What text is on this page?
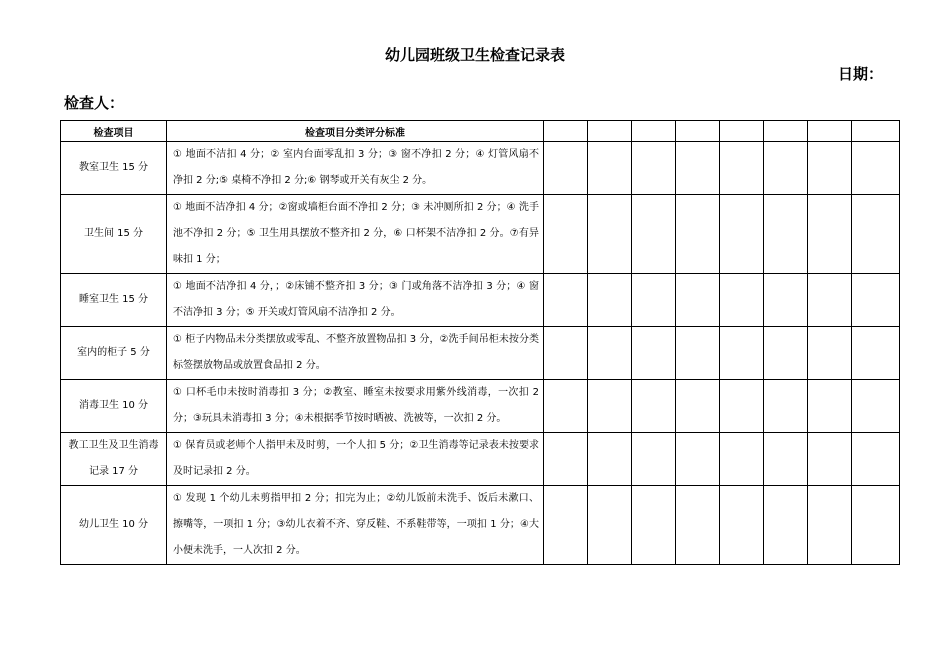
幼儿园班级卫生检查记录表
日期：
检查人：
检查项目	检查项目分类评分标准								
教室卫生 15 分	① 地面不洁扣 4 分；② 室内台面零乱扣 3 分；③ 窗不净扣 2 分；④ 灯管风扇不净扣 2 分;⑤ 桌椅不净扣 2 分;⑥ 钢琴或开关有灰尘 2 分。								
卫生间 15 分	① 地面不洁净扣 4 分；②窗或墙柜台面不净扣 2 分；③ 未冲厕所扣 2 分；④ 洗手池不净扣 2 分；⑤ 卫生用具摆放不整齐扣 2 分，⑥ 口杯架不洁净扣 2 分。⑦有异味扣 1 分；								
睡室卫生 15 分	① 地面不洁净扣 4 分，；②床铺不整齐扣 3 分；③ 门或角落不洁净扣 3 分；④ 窗不洁净扣 3 分；⑤ 开关或灯管风扇不洁净扣 2 分。								
室内的柜子 5 分	① 柜子内物品未分类摆放或零乱、不整齐放置物品扣 3 分，②洗手间吊柜未按分类标签摆放物品或放置食品扣 2 分。								
消毒卫生 10 分	① 口杯毛巾未按时消毒扣 3 分；②教室、睡室未按要求用紫外线消毒，一次扣 2 分；③玩具未消毒扣 3 分；④未根据季节按时晒被、洗被等，一次扣 2 分。								
教工卫生及卫生消毒记录 17 分	① 保育员或老师个人指甲未及时剪，一个人扣 5 分；②卫生消毒等记录表未按要求及时记录扣 2 分。								
幼儿卫生 10 分	① 发现 1 个幼儿未剪指甲扣 2 分；扣完为止；②幼儿饭前未洗手、饭后未漱口、擦嘴等，一项扣 1 分；③幼儿衣着不齐、穿反鞋、不系鞋带等，一项扣 1 分；④大小便未洗手，一人次扣 2 分。								
